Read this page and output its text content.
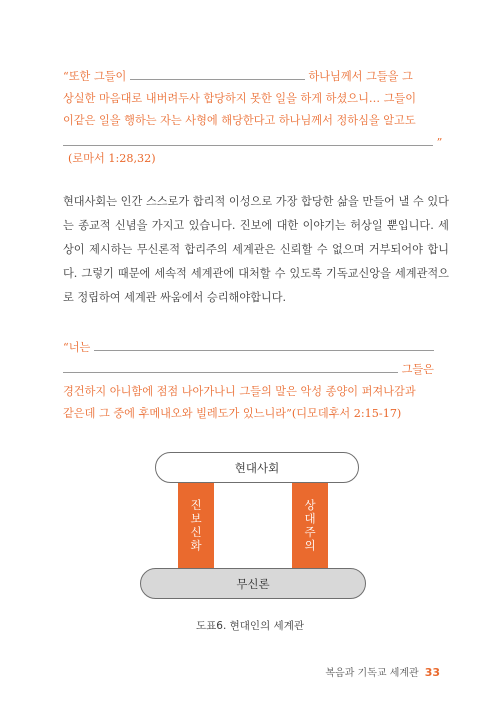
“또한 그들이	하나님께서 그들을 그
상실한 마음대로 내버려두사 합당하지 못한 일을 하게 하셨으니… 그들이
이같은 일을 행하는 자는 사형에 해당한다고 하나님께서 정하심을 알고도
”
(로마서 1:28,32)
현대사회는 인간 스스로가 합리적 이성으로 가장 합당한 삶을 만들어 낼 수 있다는 종교적 신념을 가지고 있습니다. 진보에 대한 이야기는 허상일 뿐입니다. 세상이 제시하는 무신론적 합리주의 세계관은 신뢰할 수 없으며 거부되어야 합니다. 그렇기 때문에 세속적 세계관에 대처할 수 있도록 기독교신앙을 세계관적으로 정립하여 세계관 싸움에서 승리해야합니다.
“너는
그들은
경건하지 아니함에 점점 나아가나니 그들의 말은 악성 종양이 퍼져나감과
같은데 그 중에 후메내오와 빌레도가 있느니라”(디모데후서 2:15-17)
현대사회
진보신화	상대주의
무신론
도표6. 현대인의 세계관
복음과 기독교 세계관 33
